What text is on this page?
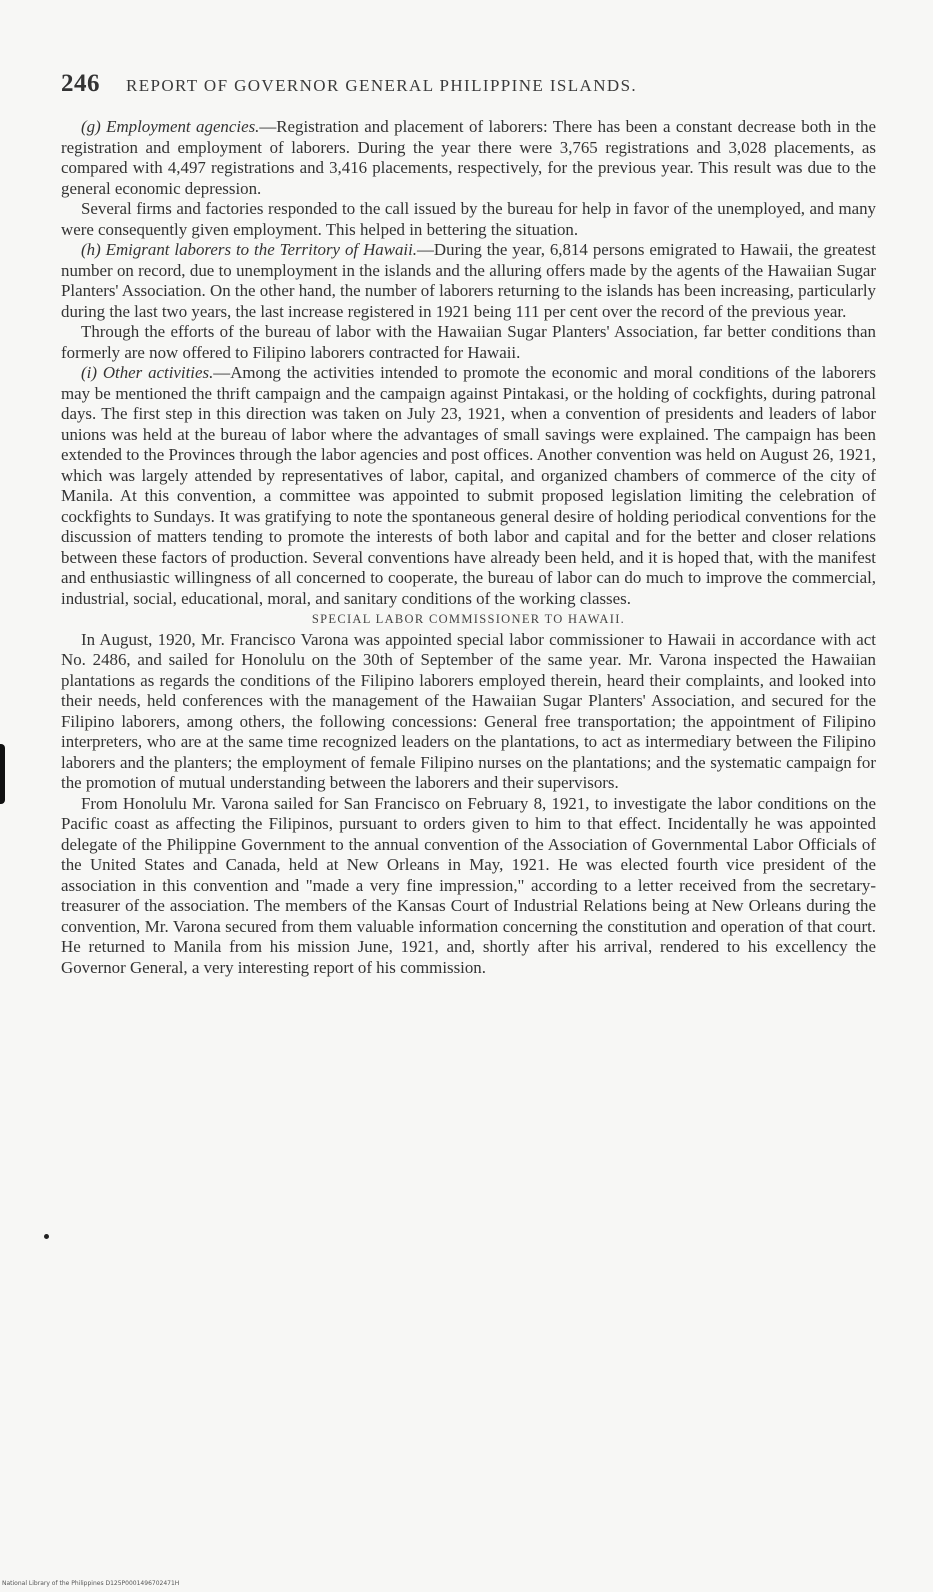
246 REPORT OF GOVERNOR GENERAL PHILIPPINE ISLANDS.

(g) Employment agencies.—Registration and placement of laborers: There has been a constant decrease both in the registration and employment of laborers. During the year there were 3,765 registrations and 3,028 placements, as compared with 4,497 registrations and 3,416 placements, respectively, for the previous year. This result was due to the general economic depression.

Several firms and factories responded to the call issued by the bureau for help in favor of the unemployed, and many were consequently given employment. This helped in bettering the situation.

(h) Emigrant laborers to the Territory of Hawaii.—During the year, 6,814 persons emigrated to Hawaii, the greatest number on record, due to unemployment in the islands and the alluring offers made by the agents of the Hawaiian Sugar Planters' Association. On the other hand, the number of laborers returning to the islands has been increasing, particularly during the last two years, the last increase registered in 1921 being 111 per cent over the record of the previous year.

Through the efforts of the bureau of labor with the Hawaiian Sugar Planters' Association, far better conditions than formerly are now offered to Filipino laborers contracted for Hawaii.

(i) Other activities.—Among the activities intended to promote the economic and moral conditions of the laborers may be mentioned the thrift campaign and the campaign against Pintakasi, or the holding of cockfights, during patronal days. The first step in this direction was taken on July 23, 1921, when a convention of presidents and leaders of labor unions was held at the bureau of labor where the advantages of small savings were explained. The campaign has been extended to the Provinces through the labor agencies and post offices. Another convention was held on August 26, 1921, which was largely attended by representatives of labor, capital, and organized chambers of commerce of the city of Manila. At this convention, a committee was appointed to submit proposed legislation limiting the celebration of cockfights to Sundays. It was gratifying to note the spontaneous general desire of holding periodical conventions for the discussion of matters tending to promote the interests of both labor and capital and for the better and closer relations between these factors of production. Several conventions have already been held, and it is hoped that, with the manifest and enthusiastic willingness of all concerned to cooperate, the bureau of labor can do much to improve the commercial, industrial, social, educational, moral, and sanitary conditions of the working classes.

SPECIAL LABOR COMMISSIONER TO HAWAII.

In August, 1920, Mr. Francisco Varona was appointed special labor commissioner to Hawaii in accordance with act No. 2486, and sailed for Honolulu on the 30th of September of the same year. Mr. Varona inspected the Hawaiian plantations as regards the conditions of the Filipino laborers employed therein, heard their complaints, and looked into their needs, held conferences with the management of the Hawaiian Sugar Planters' Association, and secured for the Filipino laborers, among others, the following concessions: General free transportation; the appointment of Filipino interpreters, who are at the same time recognized leaders on the plantations, to act as intermediary between the Filipino laborers and the planters; the employment of female Filipino nurses on the plantations; and the systematic campaign for the promotion of mutual understanding between the laborers and their supervisors.

From Honolulu Mr. Varona sailed for San Francisco on February 8, 1921, to investigate the labor conditions on the Pacific coast as affecting the Filipinos, pursuant to orders given to him to that effect. Incidentally he was appointed delegate of the Philippine Government to the annual convention of the Association of Governmental Labor Officials of the United States and Canada, held at New Orleans in May, 1921. He was elected fourth vice president of the association in this convention and "made a very fine impression," according to a letter received from the secretary-treasurer of the association. The members of the Kansas Court of Industrial Relations being at New Orleans during the convention, Mr. Varona secured from them valuable information concerning the constitution and operation of that court. He returned to Manila from his mission June, 1921, and, shortly after his arrival, rendered to his excellency the Governor General, a very interesting report of his commission.

National Library of the Philippines D125P0001496702471H
